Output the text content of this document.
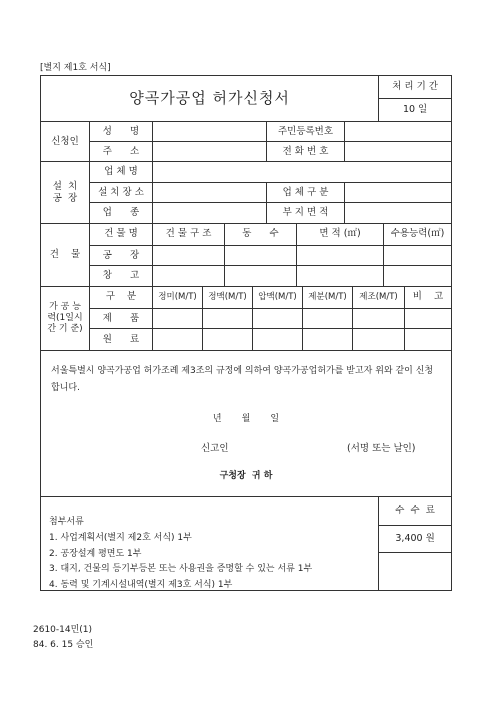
[별지 제1호 서식]
양곡가공업 허가신청서
처 리 기 간
10 일
신청인
성      명	주민등록번호
주      소	전 화 번 호
설  치
공  장
업 체 명
설 치 장 소	업 체 구 분
업      종	부 지 면 적
건    물
건 물 명	건 물 구 조	동      수	면 적 (㎡)	수용능력(㎡)
공      장
창      고
가 공 능
력(1일시
간 기 준)
구    분	정미(M/T)	정맥(M/T)	압맥(M/T)	제분(M/T)	제조(M/T)	비    고
제      품
원      료
서울특별시 양곡가공업 허가조례 제3조의 규정에 의하여 양곡가공업허가를 받고자 위와 같이 신청합니다.
년       월       일
신고인	(서명 또는 날인)
구청장  귀 하
첨부서류
1. 사업계획서(별지 제2호 서식) 1부
2. 공장설계 평면도 1부
3. 대지, 건물의 등기부등본 또는 사용권을 증명할 수 있는 서류 1부
4. 동력 및 기계시설내역(별지 제3호 서식) 1부
수  수  료
3,400 원
2610-14민(1)
84. 6. 15 승인
